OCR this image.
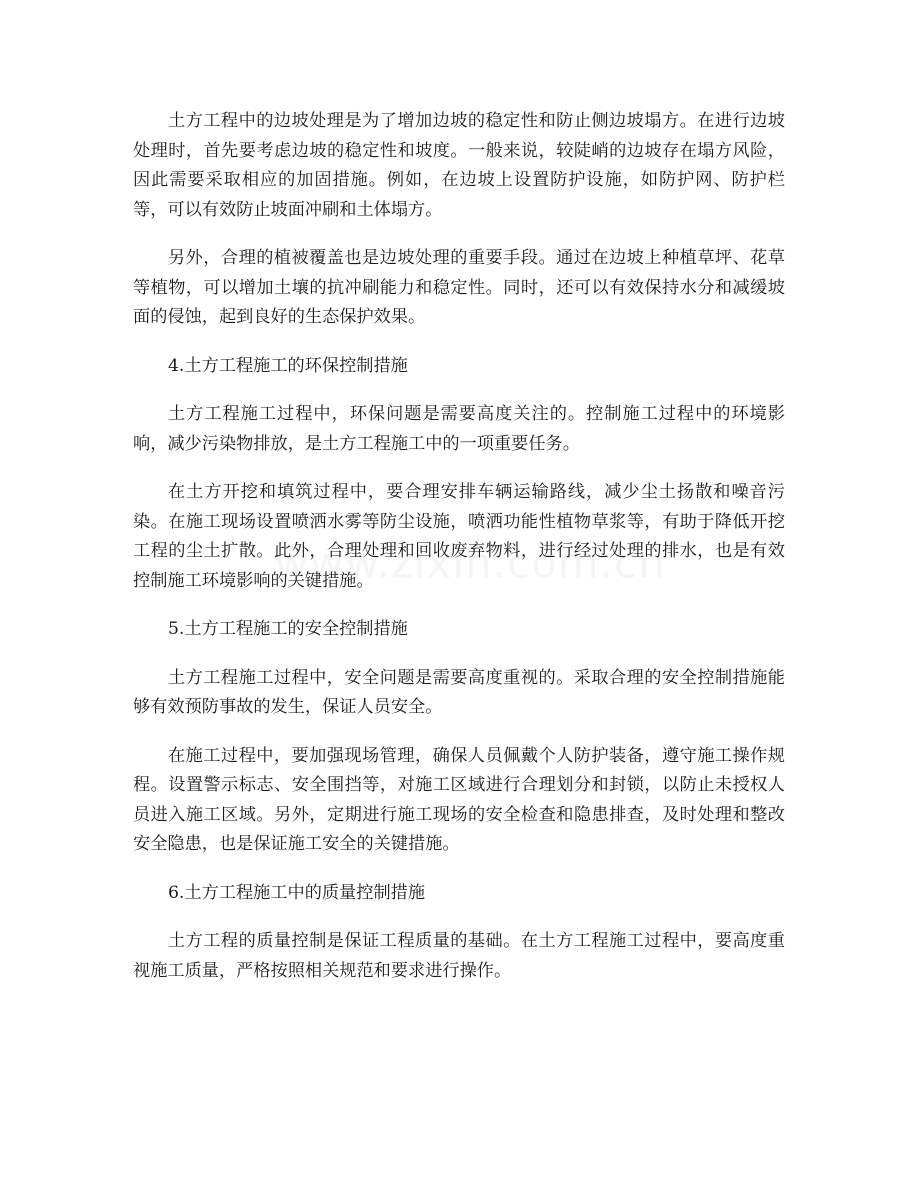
土方工程中的边坡处理是为了增加边坡的稳定性和防止侧边坡塌方。在进行边坡处理时，首先要考虑边坡的稳定性和坡度。一般来说，较陡峭的边坡存在塌方风险，因此需要采取相应的加固措施。例如，在边坡上设置防护设施，如防护网、防护栏等，可以有效防止坡面冲刷和土体塌方。

另外，合理的植被覆盖也是边坡处理的重要手段。通过在边坡上种植草坪、花草等植物，可以增加土壤的抗冲刷能力和稳定性。同时，还可以有效保持水分和减缓坡面的侵蚀，起到良好的生态保护效果。

4.土方工程施工的环保控制措施

土方工程施工过程中，环保问题是需要高度关注的。控制施工过程中的环境影响，减少污染物排放，是土方工程施工中的一项重要任务。

在土方开挖和填筑过程中，要合理安排车辆运输路线，减少尘土扬散和噪音污染。在施工现场设置喷洒水雾等防尘设施，喷洒功能性植物草浆等，有助于降低开挖工程的尘土扩散。此外，合理处理和回收废弃物料，进行经过处理的排水，也是有效控制施工环境影响的关键措施。

5.土方工程施工的安全控制措施

土方工程施工过程中，安全问题是需要高度重视的。采取合理的安全控制措施能够有效预防事故的发生，保证人员安全。

在施工过程中，要加强现场管理，确保人员佩戴个人防护装备，遵守施工操作规程。设置警示标志、安全围挡等，对施工区域进行合理划分和封锁，以防止未授权人员进入施工区域。另外，定期进行施工现场的安全检查和隐患排查，及时处理和整改安全隐患，也是保证施工安全的关键措施。

6.土方工程施工中的质量控制措施

土方工程的质量控制是保证工程质量的基础。在土方工程施工过程中，要高度重视施工质量，严格按照相关规范和要求进行操作。
